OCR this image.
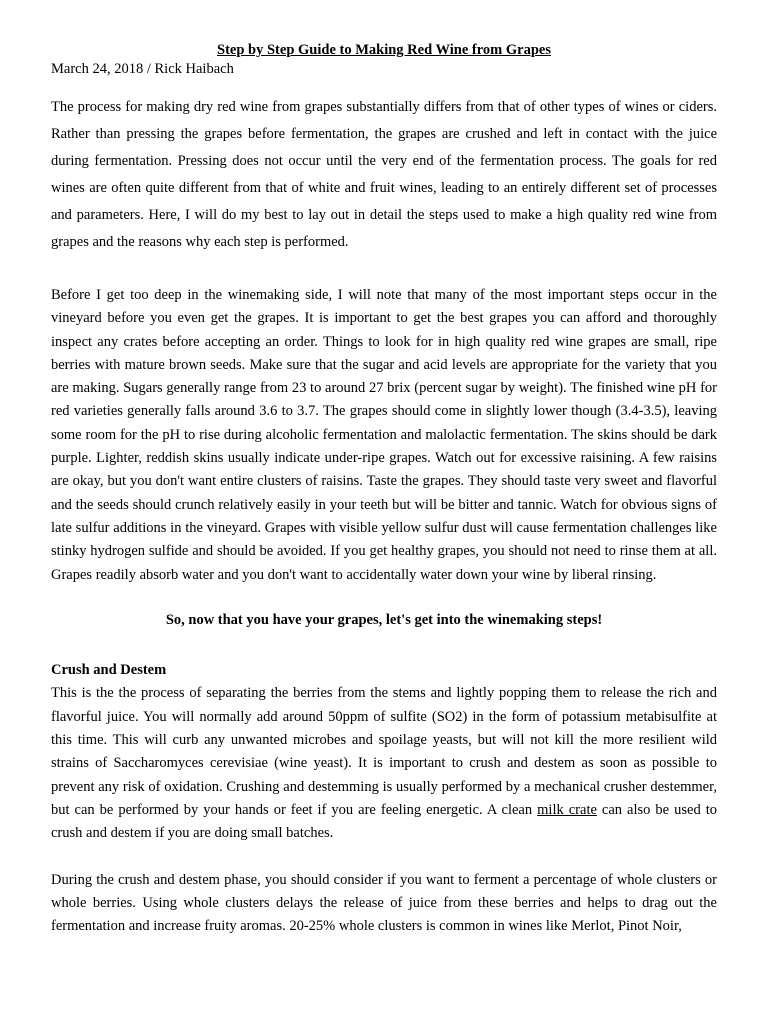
Step by Step Guide to Making Red Wine from Grapes
March 24, 2018 / Rick Haibach

The process for making dry red wine from grapes substantially differs from that of other types of wines or ciders. Rather than pressing the grapes before fermentation, the grapes are crushed and left in contact with the juice during fermentation. Pressing does not occur until the very end of the fermentation process. The goals for red wines are often quite different from that of white and fruit wines, leading to an entirely different set of processes and parameters. Here, I will do my best to lay out in detail the steps used to make a high quality red wine from grapes and the reasons why each step is performed.

Before I get too deep in the winemaking side, I will note that many of the most important steps occur in the vineyard before you even get the grapes. It is important to get the best grapes you can afford and thoroughly inspect any crates before accepting an order. Things to look for in high quality red wine grapes are small, ripe berries with mature brown seeds. Make sure that the sugar and acid levels are appropriate for the variety that you are making. Sugars generally range from 23 to around 27 brix (percent sugar by weight). The finished wine pH for red varieties generally falls around 3.6 to 3.7. The grapes should come in slightly lower though (3.4-3.5), leaving some room for the pH to rise during alcoholic fermentation and malolactic fermentation. The skins should be dark purple. Lighter, reddish skins usually indicate under-ripe grapes. Watch out for excessive raisining. A few raisins are okay, but you don't want entire clusters of raisins. Taste the grapes. They should taste very sweet and flavorful and the seeds should crunch relatively easily in your teeth but will be bitter and tannic. Watch for obvious signs of late sulfur additions in the vineyard. Grapes with visible yellow sulfur dust will cause fermentation challenges like stinky hydrogen sulfide and should be avoided. If you get healthy grapes, you should not need to rinse them at all. Grapes readily absorb water and you don't want to accidentally water down your wine by liberal rinsing.

So, now that you have your grapes, let's get into the winemaking steps!

Crush and Destem

This is the the process of separating the berries from the stems and lightly popping them to release the rich and flavorful juice. You will normally add around 50ppm of sulfite (SO2) in the form of potassium metabisulfite at this time. This will curb any unwanted microbes and spoilage yeasts, but will not kill the more resilient wild strains of Saccharomyces cerevisiae (wine yeast). It is important to crush and destem as soon as possible to prevent any risk of oxidation. Crushing and destemming is usually performed by a mechanical crusher destemmer, but can be performed by your hands or feet if you are feeling energetic. A clean milk crate can also be used to crush and destem if you are doing small batches.

During the crush and destem phase, you should consider if you want to ferment a percentage of whole clusters or whole berries. Using whole clusters delays the release of juice from these berries and helps to drag out the fermentation and increase fruity aromas. 20-25% whole clusters is common in wines like Merlot, Pinot Noir,
